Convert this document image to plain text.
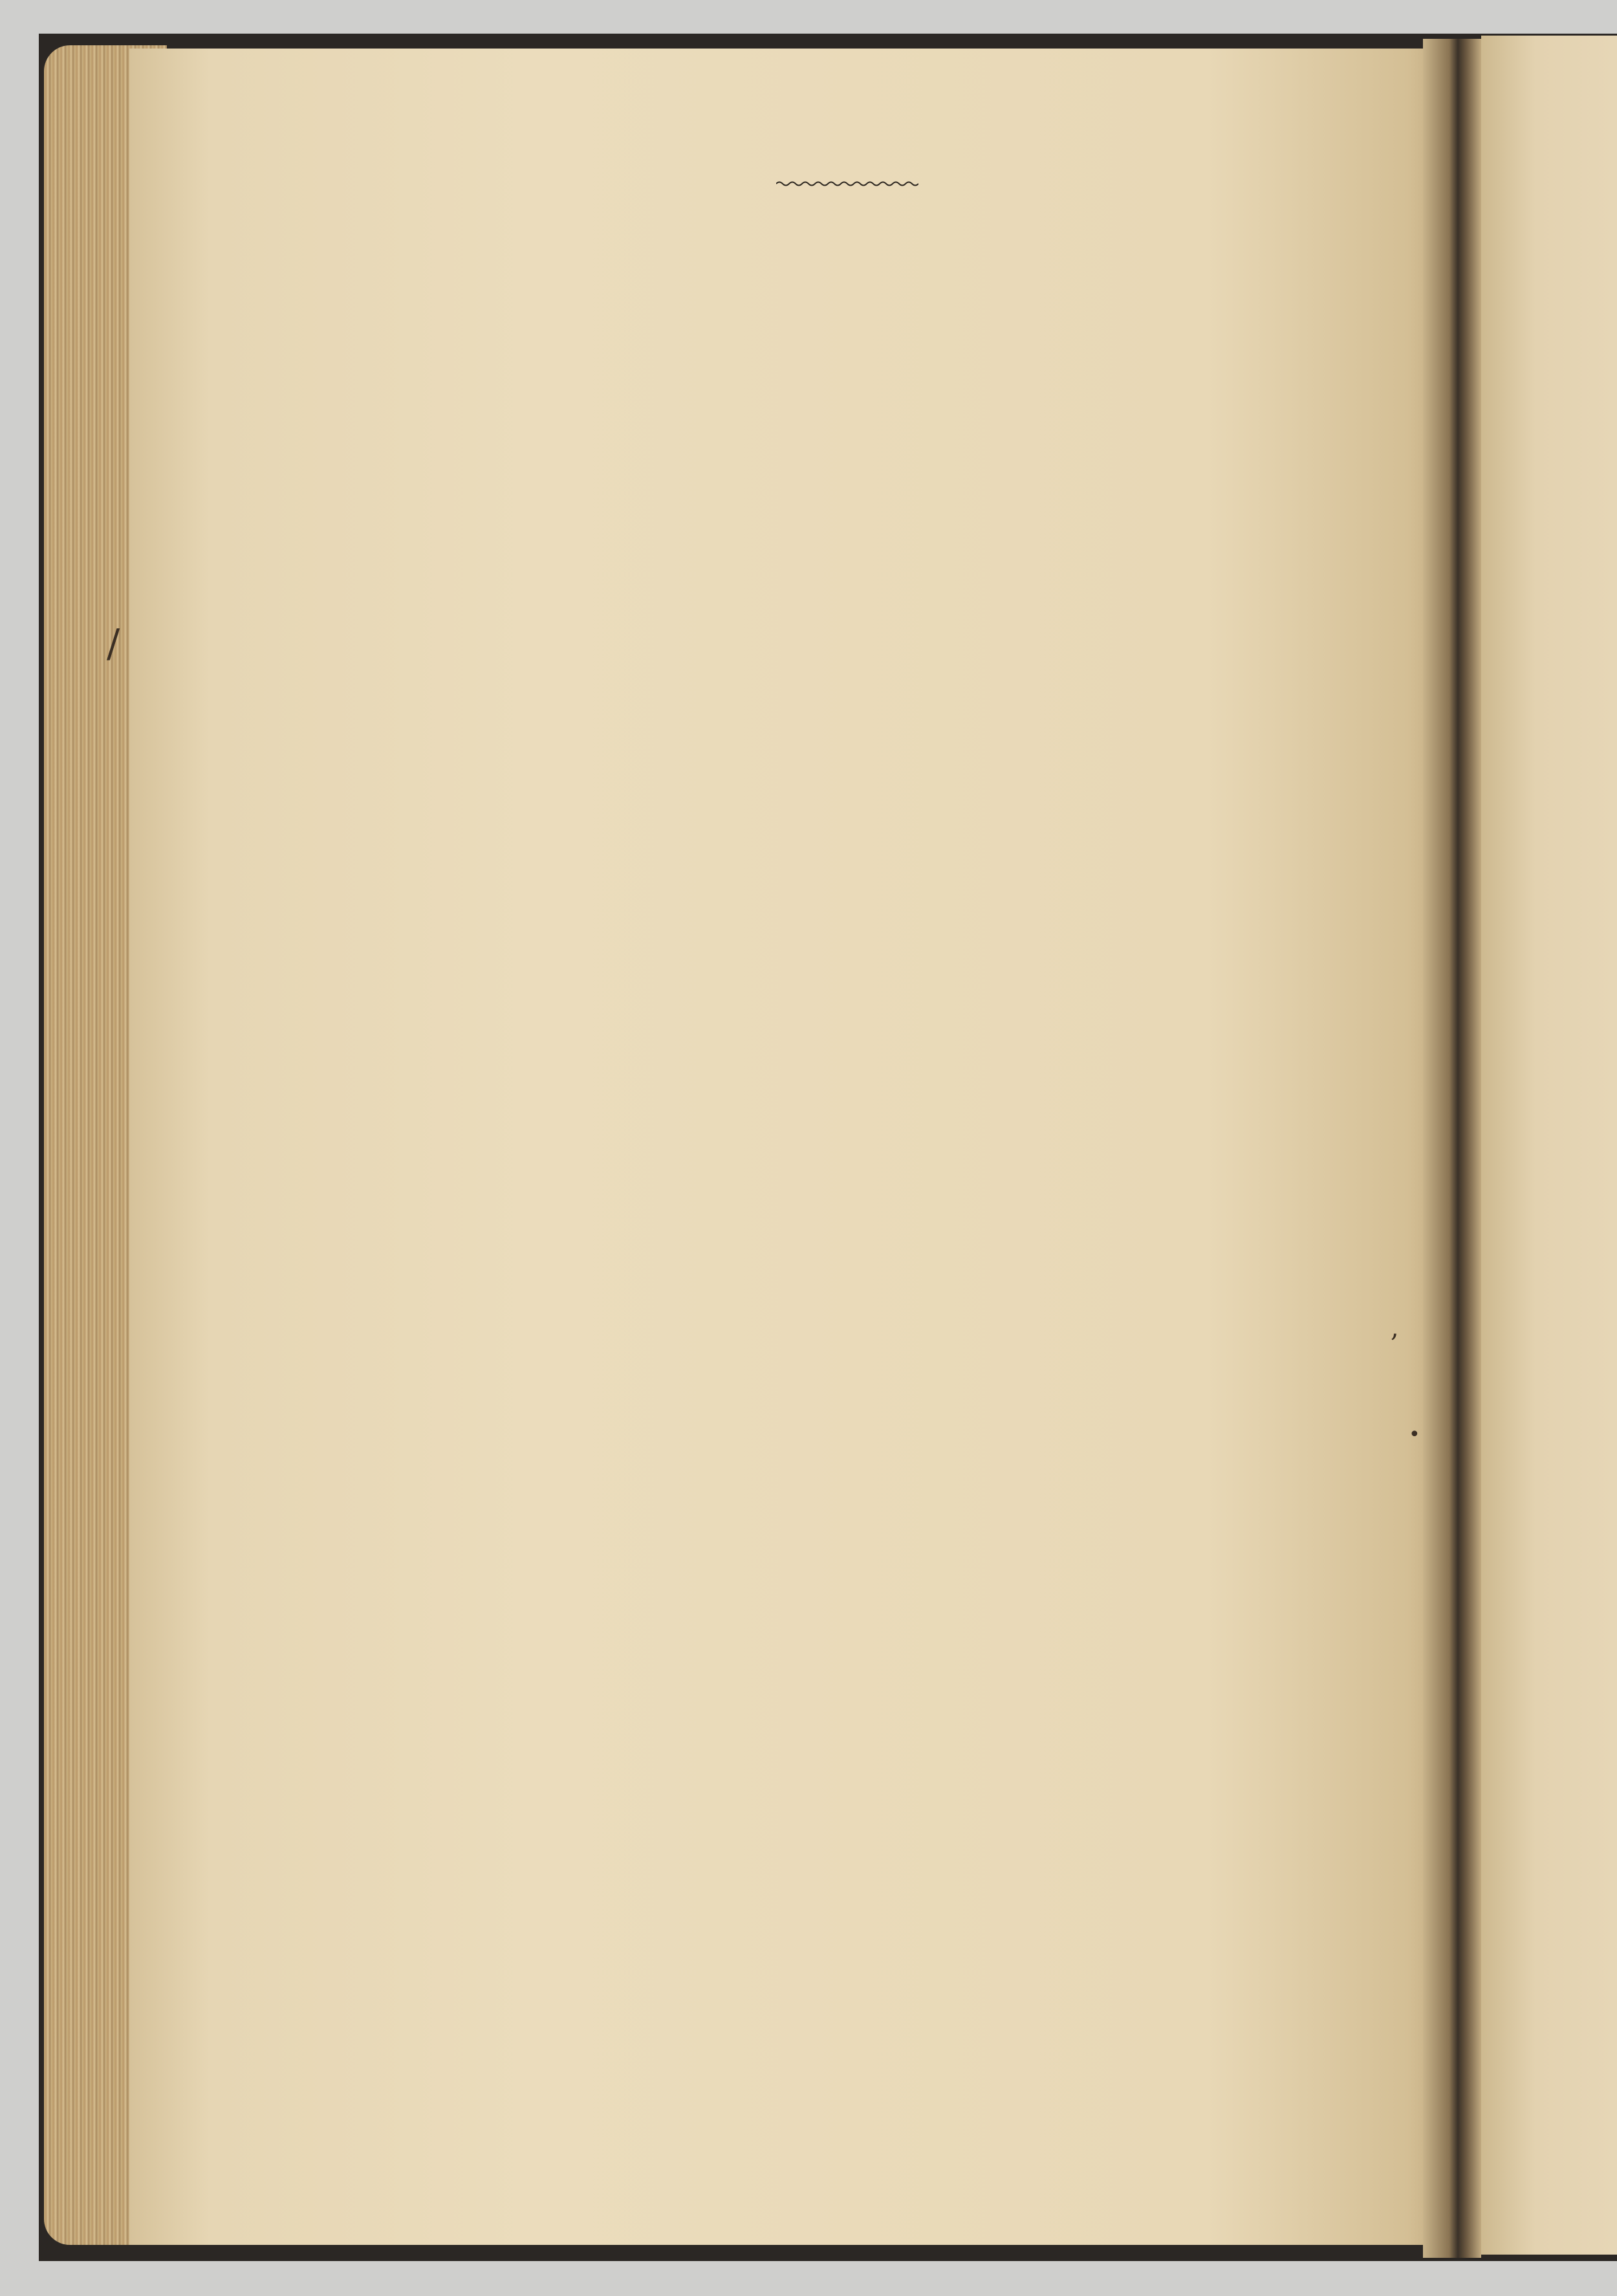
/
,
•
